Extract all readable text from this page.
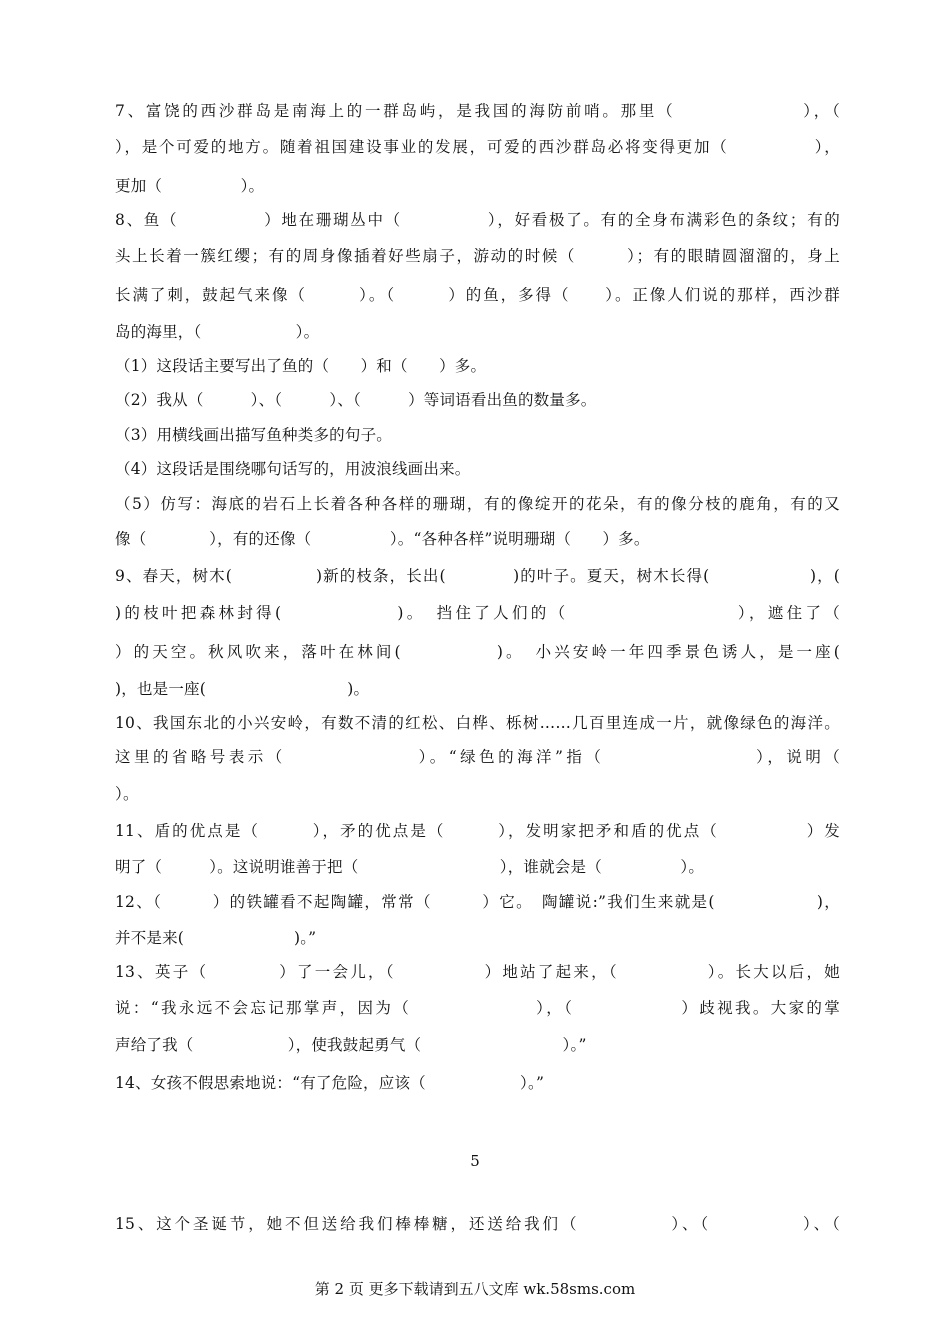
7、富饶的西沙群岛是南海上的一群岛屿，是我国的海防前哨。那里（　　　　　　　），（
），是个可爱的地方。随着祖国建设事业的发展，可爱的西沙群岛必将变得更加（　　　　　），
更加（　　　　　）。
8、鱼（　　　　　）地在珊瑚丛中（　　　　　），好看极了。有的全身布满彩色的条纹；有的
头上长着一簇红缨；有的周身像插着好些扇子，游动的时候（　　　）；有的眼睛圆溜溜的，身上
长满了刺，鼓起气来像（　　　）。（　　　）的鱼，多得（　　）。正像人们说的那样，西沙群
岛的海里，（　　　　　　）。
（1）这段话主要写出了鱼的（　　）和（　　）多。
（2）我从（　　　）、（　　　）、（　　　）等词语看出鱼的数量多。
（3）用横线画出描写鱼种类多的句子。
（4）这段话是围绕哪句话写的，用波浪线画出来。
（5）仿写：海底的岩石上长着各种各样的珊瑚，有的像绽开的花朵，有的像分枝的鹿角，有的又
像（　　　　），有的还像（　　　　　）。“各种各样”说明珊瑚（　　）多。
9、春天，树木(　　　　　)新的枝条，长出(　　　　)的叶子。夏天，树木长得(　　　　　　)，(
)的枝叶把森林封得(　　　　　　)。　挡住了人们的（　　　　　　　　　），遮住了（
）的天空。秋风吹来，落叶在林间(　　　　　)。　小兴安岭一年四季景色诱人，是一座(
)，也是一座(　　　　　　　　　)。
10、我国东北的小兴安岭，有数不清的红松、白桦、栎树……几百里连成一片，就像绿色的海洋。
这里的省略号表示（　　　　　　　）。“绿色的海洋”指（　　　　　　　　），说明（
）。
11、盾的优点是（　　　），矛的优点是（　　　），发明家把矛和盾的优点（　　　　　）发
明了（　　　）。这说明谁善于把（　　　　　　　　　），谁就会是（　　　　　）。
12、（　　　）的铁罐看不起陶罐，常常（　　　）它。　陶罐说:”我们生来就是(　　　　　　)，
并不是来(　　　　　　　)。”
13、英子（　　　　）了一会儿，（　　　　　）地站了起来，（　　　　　）。长大以后，她
说：“我永远不会忘记那掌声，因为（　　　　　　　），（　　　　　　）歧视我。大家的掌
声给了我（　　　　　　），使我鼓起勇气（　　　　　　　　　）。”
14、女孩不假思索地说：“有了危险，应该（　　　　　　）。”
5
15、这个圣诞节，她不但送给我们棒棒糖，还送给我们（　　　　　）、（　　　　　）、（
第 2 页 更多下载请到五八文库 wk.58sms.com
